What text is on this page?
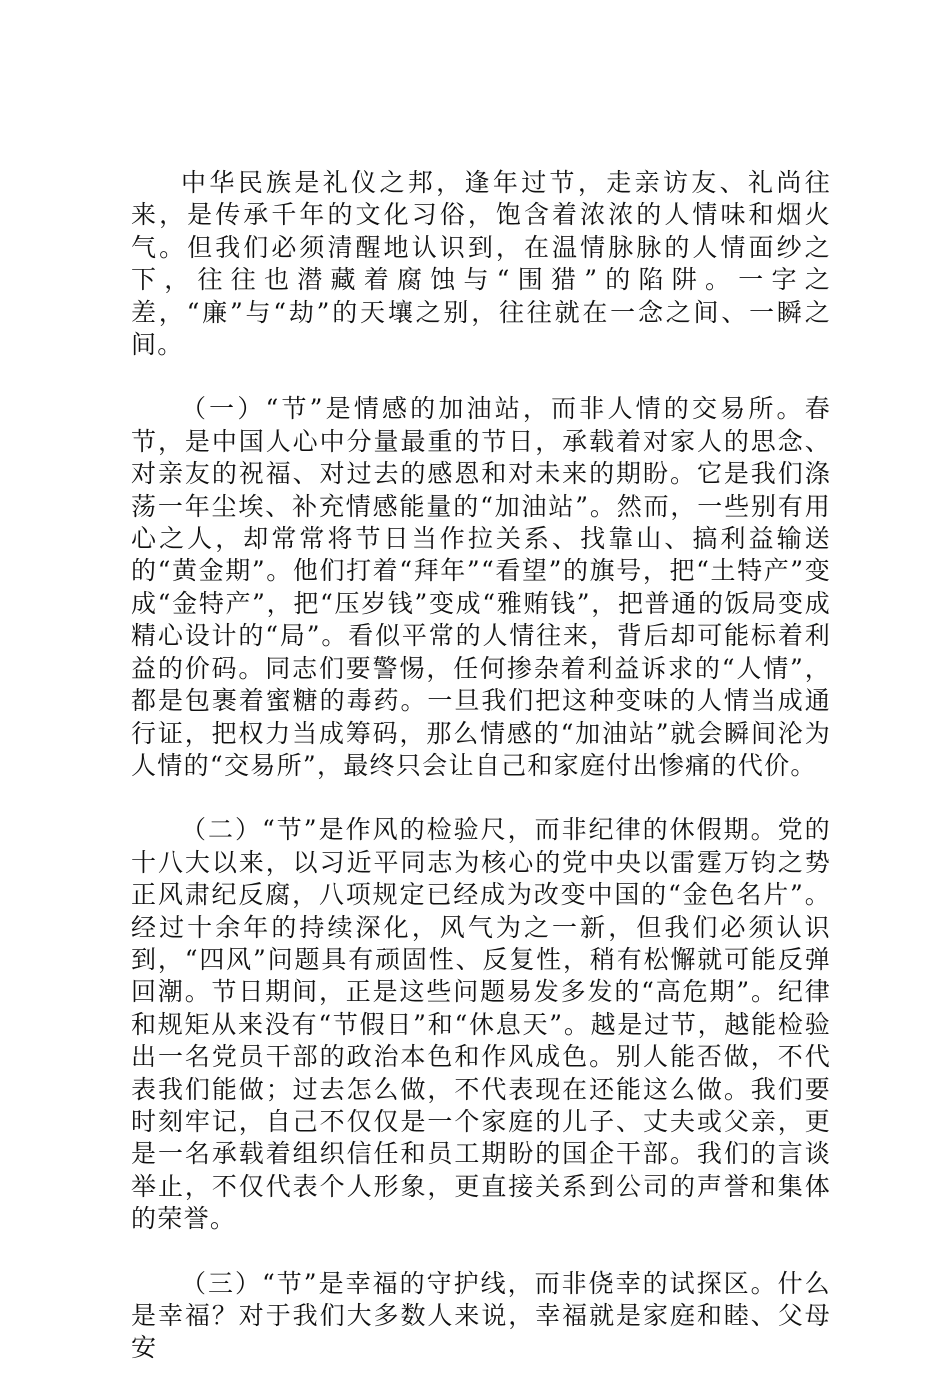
中华民族是礼仪之邦，逢年过节，走亲访友、礼尚往来，是传承千年的文化习俗，饱含着浓浓的人情味和烟火气。但我们必须清醒地认识到，在温情脉脉的人情面纱之下，往往也潜藏着腐蚀与“围猎”的陷阱。一字之差，“廉”与“劫”的天壤之别，往往就在一念之间、一瞬之间。

（一）“节”是情感的加油站，而非人情的交易所。春节，是中国人心中分量最重的节日，承载着对家人的思念、对亲友的祝福、对过去的感恩和对未来的期盼。它是我们涤荡一年尘埃、补充情感能量的“加油站”。然而，一些别有用心之人，却常常将节日当作拉关系、找靠山、搞利益输送的“黄金期”。他们打着“拜年”“看望”的旗号，把“土特产”变成“金特产”，把“压岁钱”变成“雅贿钱”，把普通的饭局变成精心设计的“局”。看似平常的人情往来，背后却可能标着利益的价码。同志们要警惕，任何掺杂着利益诉求的“人情”，都是包裹着蜜糖的毒药。一旦我们把这种变味的人情当成通行证，把权力当成筹码，那么情感的“加油站”就会瞬间沦为人情的“交易所”，最终只会让自己和家庭付出惨痛的代价。

（二）“节”是作风的检验尺，而非纪律的休假期。党的十八大以来，以习近平同志为核心的党中央以雷霆万钧之势正风肃纪反腐，八项规定已经成为改变中国的“金色名片”。经过十余年的持续深化，风气为之一新，但我们必须认识到，“四风”问题具有顽固性、反复性，稍有松懈就可能反弹回潮。节日期间，正是这些问题易发多发的“高危期”。纪律和规矩从来没有“节假日”和“休息天”。越是过节，越能检验出一名党员干部的政治本色和作风成色。别人能否做，不代表我们能做；过去怎么做，不代表现在还能这么做。我们要时刻牢记，自己不仅仅是一个家庭的儿子、丈夫或父亲，更是一名承载着组织信任和员工期盼的国企干部。我们的言谈举止，不仅代表个人形象，更直接关系到公司的声誉和集体的荣誉。

（三）“节”是幸福的守护线，而非侥幸的试探区。什么是幸福？对于我们大多数人来说，幸福就是家庭和睦、父母安
